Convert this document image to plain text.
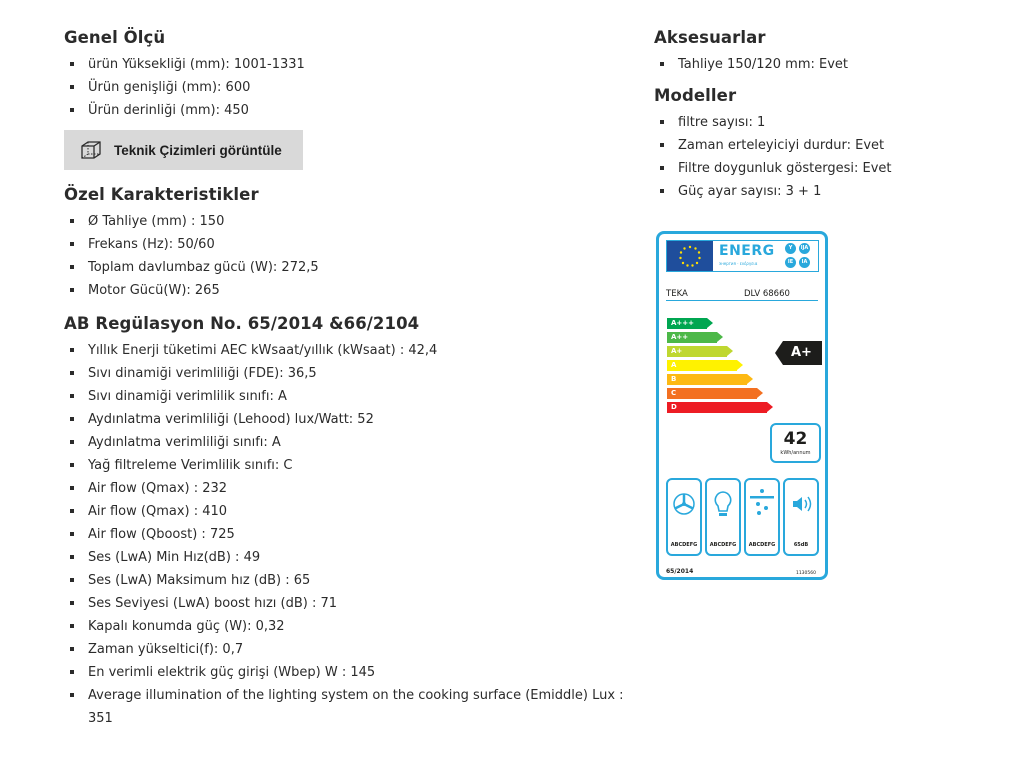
Genel Ölçü
ürün Yüksekliği (mm): 1001-1331
Ürün genişliği (mm): 600
Ürün derinliği (mm): 450
Teknik Çizimleri görüntüle
Özel Karakteristikler
Ø Tahliye (mm) : 150
Frekans (Hz): 50/60
Toplam davlumbaz gücü (W): 272,5
Motor Gücü(W): 265
AB Regülasyon No. 65/2014 &66/2104
Yıllık Enerji tüketimi AEC kWsaat/yıllık (kWsaat) : 42,4
Sıvı dinamiği verimliliği (FDE): 36,5
Sıvı dinamiği verimlilik sınıfı: A
Aydınlatma verimliliği (Lehood) lux/Watt: 52
Aydınlatma verimliliği sınıfı: A
Yağ filtreleme Verimlilik sınıfı: C
Air flow (Qmax) : 232
Air flow (Qmax) : 410
Air flow (Qboost) : 725
Ses (LwA) Min Hız(dB) : 49
Ses (LwA) Maksimum hız (dB) : 65
Ses Seviyesi (LwA) boost hızı (dB) : 71
Kapalı konumda güç (W): 0,32
Zaman yükseltici(f): 0,7
En verimli elektrik güç girişi (Wbep) W : 145
Average illumination of the lighting system on the cooking surface (Emiddle) Lux : 351
Aksesuarlar
Tahliye 150/120 mm: Evet
Modeller
filtre sayısı: 1
Zaman erteleyiciyi durdur: Evet
Filtre doygunluk göstergesi: Evet
Güç ayar sayısı: 3 + 1
ENERG
энергия · ενέργεια
Y	IJA
IE	IA
TEKA	DLV 68660
A+++
A++
A+
A
B
C
D
A+
42
kWh/annum
ABCDEFG	ABCDEFG	ABCDEFG	65dB
65/2014	1130560
